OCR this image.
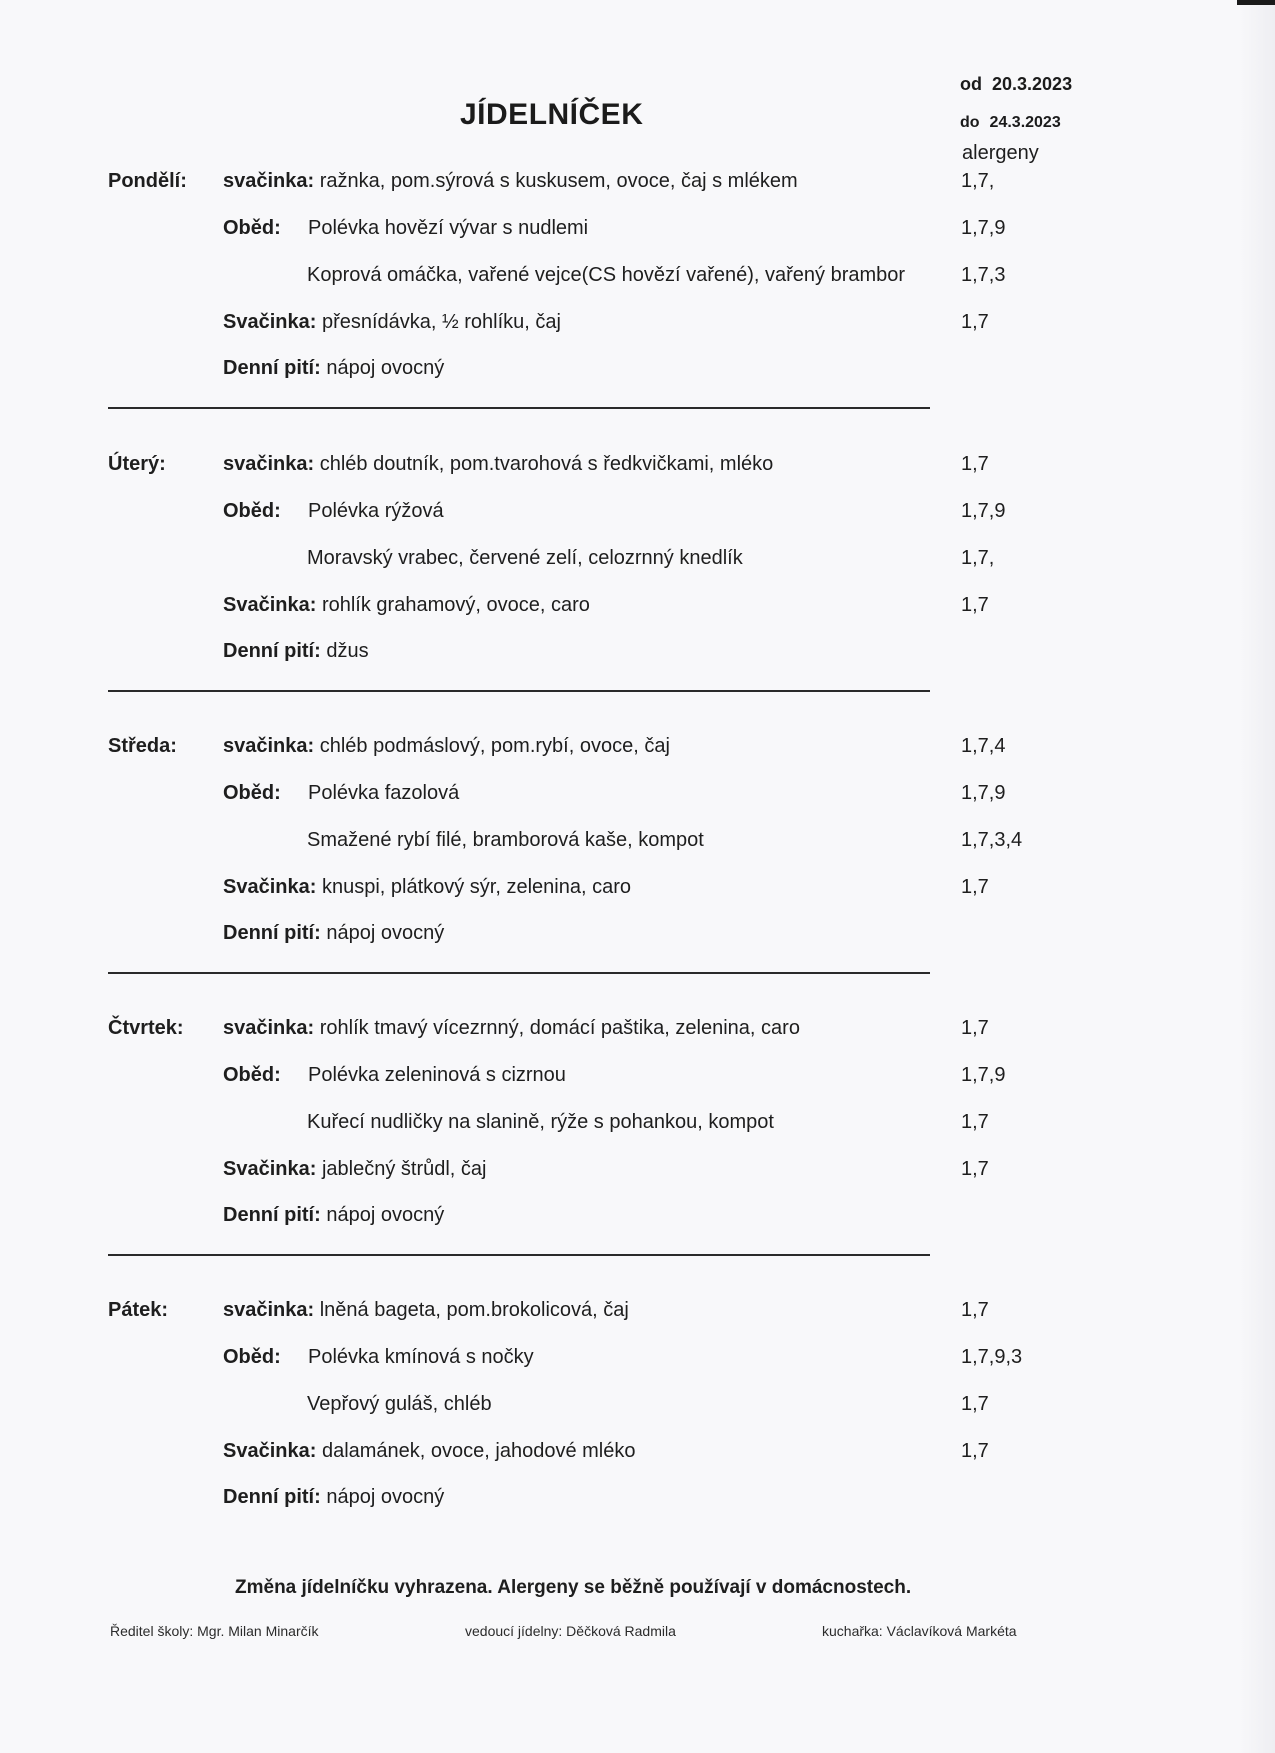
JÍDELNÍČEK
od 20.3.2023
do 24.3.2023
alergeny
Pondělí: svačinka: ražnka, pom.sýrová s kuskusem, ovoce, čaj s mlékem	1,7,
Oběd: Polévka hovězí vývar s nudlemi	1,7,9
Koprová omáčka, vařené vejce(CS hovězí vařené), vařený brambor	1,7,3
Svačinka: přesnídávka, ½ rohlíku, čaj	1,7
Denní pití: nápoj ovocný
Úterý:	svačinka: chléb doutník, pom.tvarohová s ředkvičkami, mléko	1,7
Oběd: Polévka rýžová	1,7,9
Moravský vrabec, červené zelí, celozrnný knedlík	1,7,
Svačinka: rohlík grahamový, ovoce, caro	1,7
Denní pití: džus
Středa: svačinka: chléb podmáslový, pom.rybí, ovoce, čaj	1,7,4
Oběd: Polévka fazolová	1,7,9
Smažené rybí filé, bramborová kaše, kompot	1,7,3,4
Svačinka: knuspi, plátkový sýr, zelenina, caro	1,7
Denní pití: nápoj ovocný
Čtvrtek: svačinka: rohlík tmavý vícezrnný, domácí paštika, zelenina, caro	1,7
Oběd: Polévka zeleninová s cizrnou	1,7,9
Kuřecí nudličky na slanině, rýže s pohankou, kompot	1,7
Svačinka: jablečný štrůdl, čaj	1,7
Denní pití: nápoj ovocný
Pátek:	svačinka: lněná bageta, pom.brokolicová, čaj	1,7
Oběd: Polévka kmínová s nočky	1,7,9,3
Vepřový guláš, chléb	1,7
Svačinka: dalamánek, ovoce, jahodové mléko	1,7
Denní pití: nápoj ovocný
Změna jídelníčku vyhrazena. Alergeny se běžně používají v domácnostech.
Ředitel školy: Mgr. Milan Minarčík	vedoucí jídelny: Děčková Radmila	kuchařka: Václavíková Markéta
